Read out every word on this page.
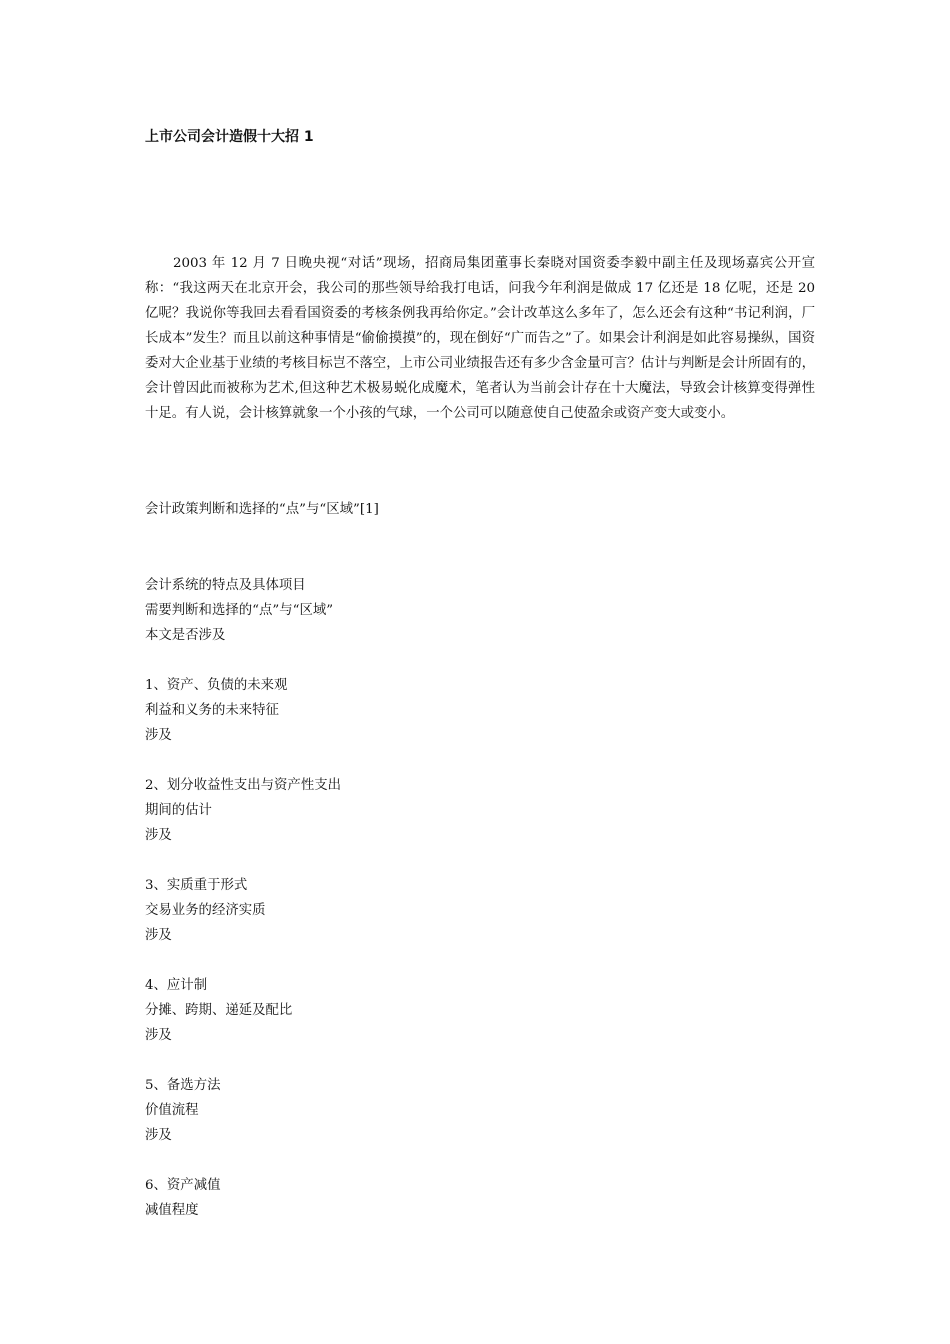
上市公司会计造假十大招 1

2003 年 12 月 7 日晚央视“对话”现场，招商局集团董事长秦晓对国资委李毅中副主任及现场嘉宾公开宣称：“我这两天在北京开会，我公司的那些领导给我打电话，问我今年利润是做成 17 亿还是 18 亿呢，还是 20 亿呢？我说你等我回去看看国资委的考核条例我再给你定。”会计改革这么多年了，怎么还会有这种“书记利润，厂长成本”发生？而且以前这种事情是“偷偷摸摸”的，现在倒好“广而告之”了。如果会计利润是如此容易操纵，国资委对大企业基于业绩的考核目标岂不落空，上市公司业绩报告还有多少含金量可言？估计与判断是会计所固有的，会计曾因此而被称为艺术,但这种艺术极易蜕化成魔术，笔者认为当前会计存在十大魔法，导致会计核算变得弹性十足。有人说，会计核算就象一个小孩的气球，一个公司可以随意使自己使盈余或资产变大或变小。

会计政策判断和选择的“点”与“区域”[1]
会计系统的特点及具体项目
需要判断和选择的“点”与“区域”
本文是否涉及
1、资产、负债的未来观
利益和义务的未来特征
涉及
2、划分收益性支出与资产性支出
期间的估计
涉及
3、实质重于形式
交易业务的经济实质
涉及
4、应计制
分摊、跨期、递延及配比
涉及
5、备选方法
价值流程
涉及
6、资产减值
减值程度
